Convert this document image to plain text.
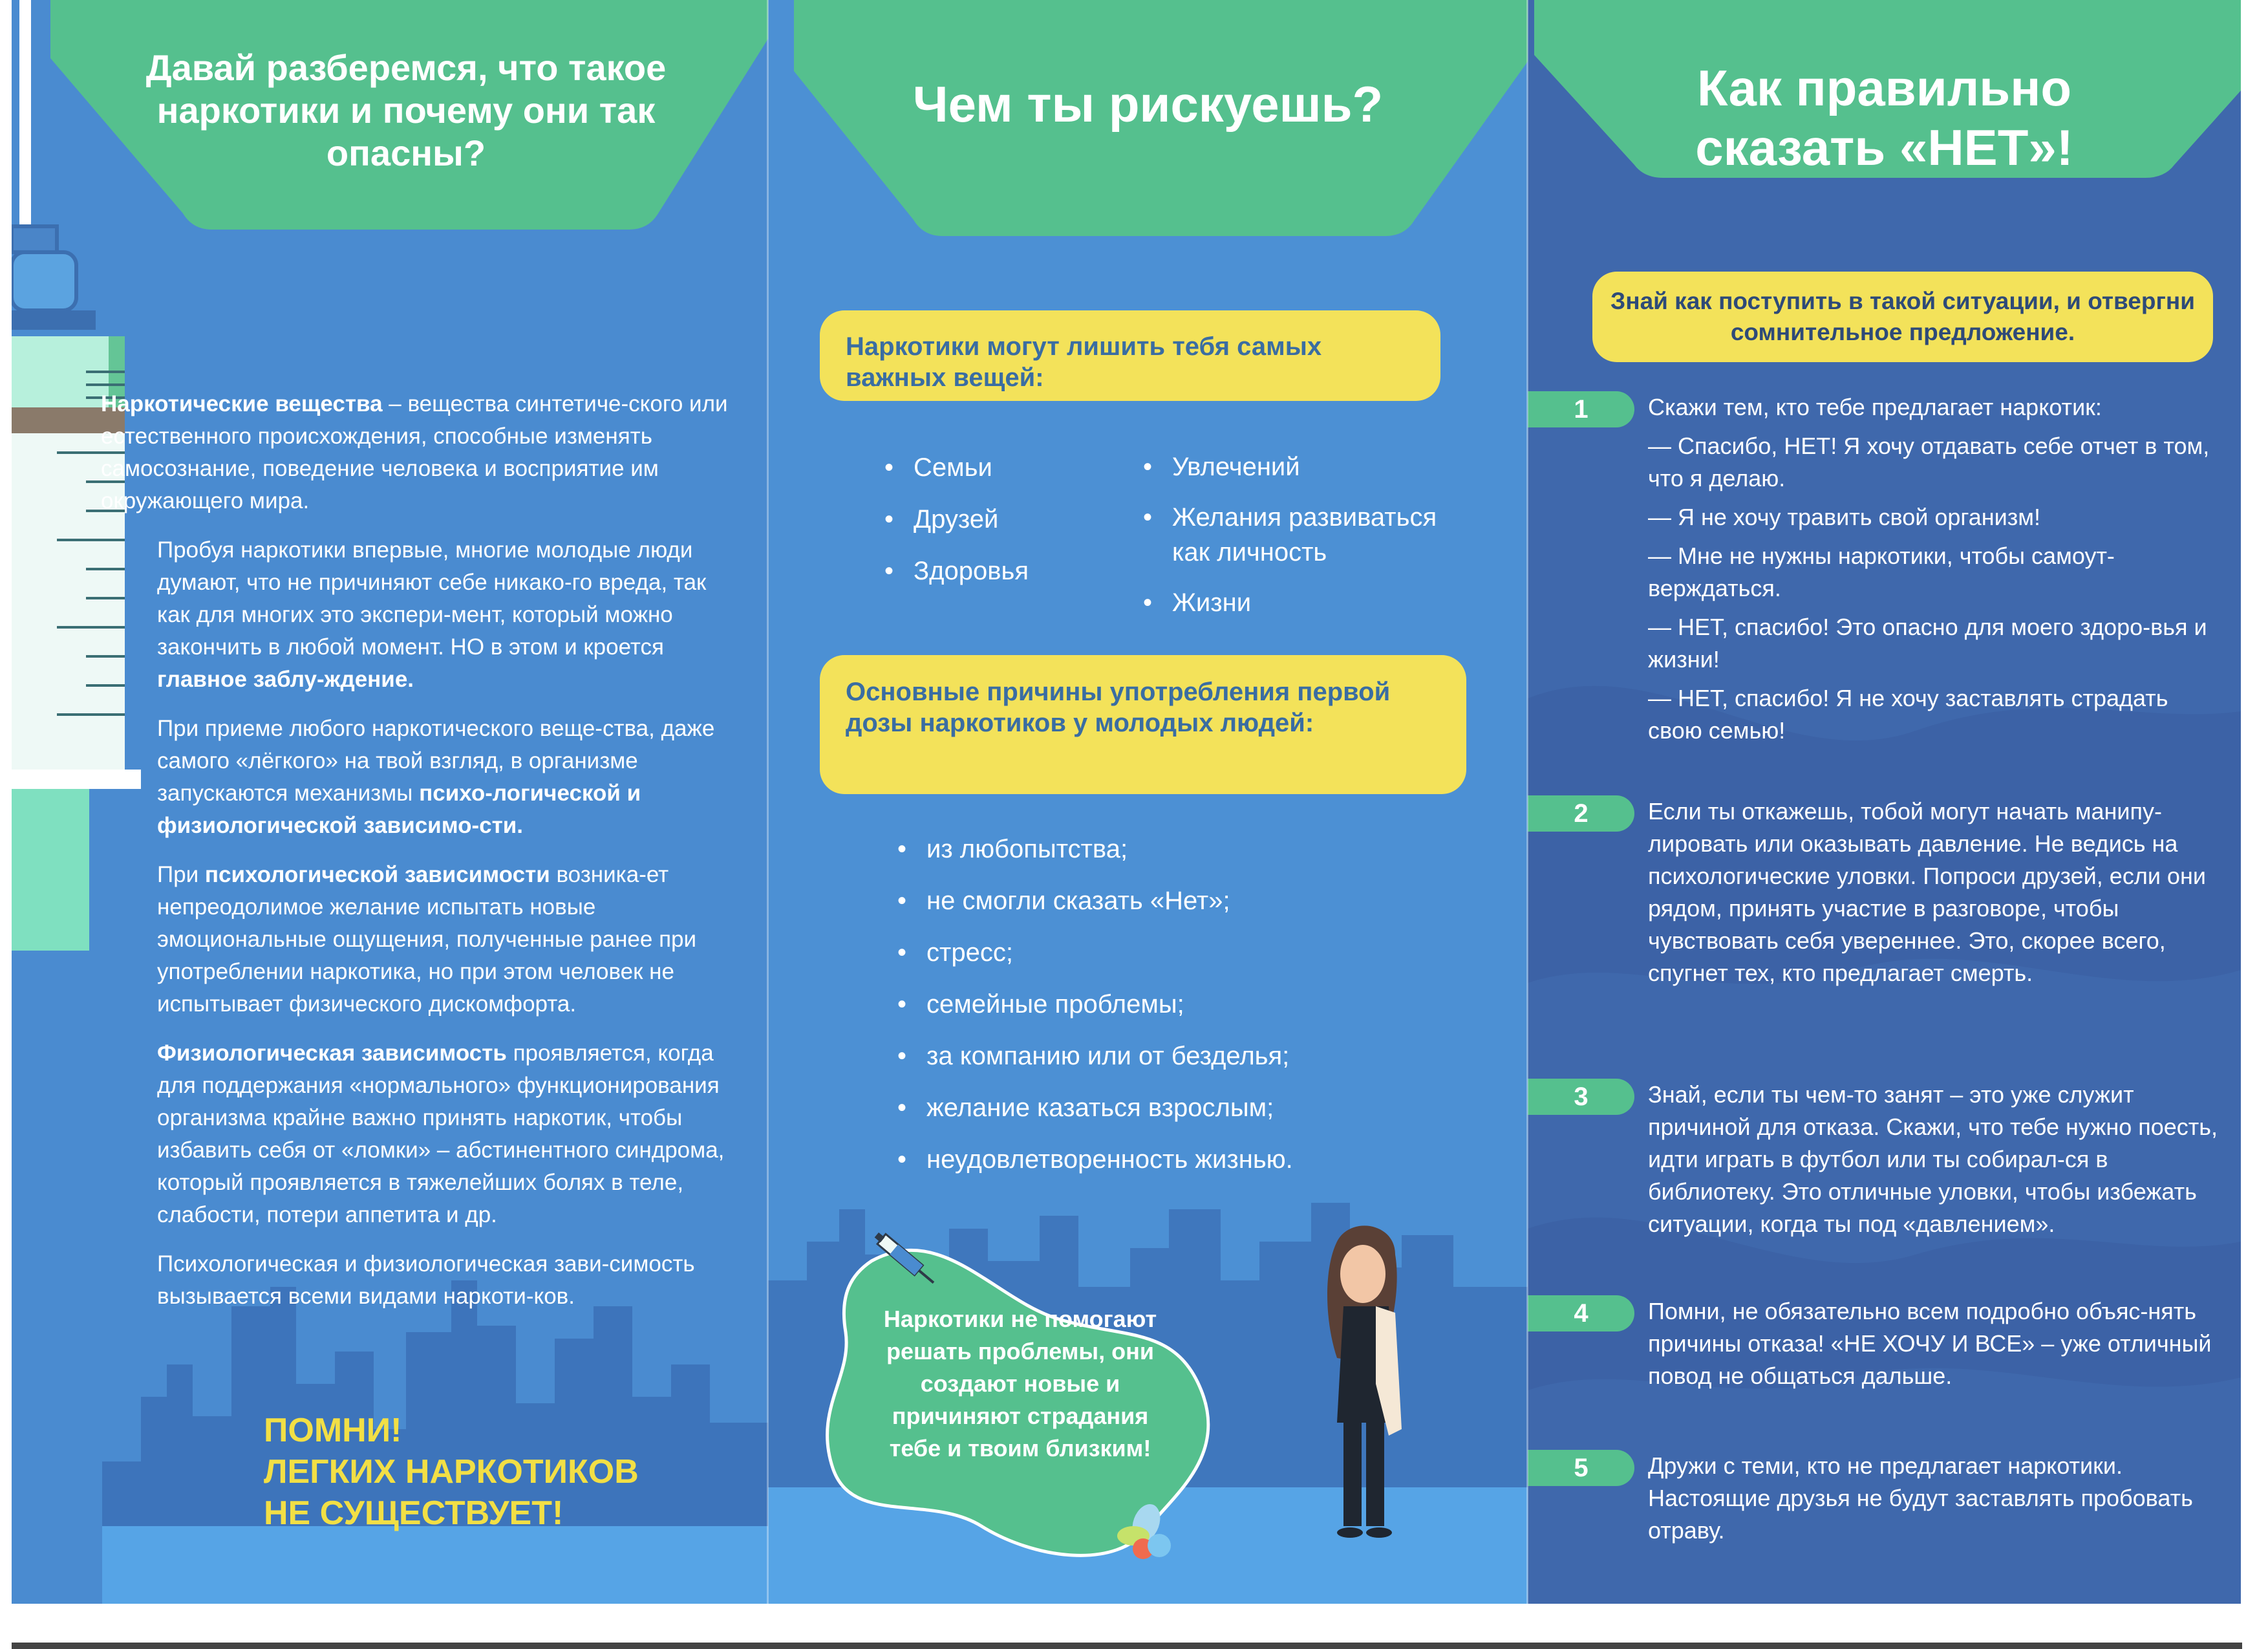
Давай разберемся, что такое наркотики и почему они так опасны?

Наркотические вещества – вещества синтетиче-ского или естественного происхождения, способные изменять самосознание, поведение человека и восприятие им окружающего мира.

Пробуя наркотики впервые, многие молодые люди думают, что не причиняют себе никако-го вреда, так как для многих это экспери-мент, который можно закончить в любой момент. НО в этом и кроется главное заблу-ждение.

При приеме любого наркотического веще-ства, даже самого «лёгкого» на твой взгляд, в организме запускаются механизмы психо-логической и физиологической зависимо-сти.

При психологической зависимости возника-ет непреодолимое желание испытать новые эмоциональные ощущения, полученные ранее при употреблении наркотика, но при этом человек не испытывает физического дискомфорта.

Физиологическая зависимость проявляется, когда для поддержания «нормального» функционирования организма крайне важно принять наркотик, чтобы избавить себя от «ломки» – абстинентного синдрома, который проявляется в тяжелейших болях в теле, слабости, потери аппетита и др.

Психологическая и физиологическая зави-симость вызывается всеми видами наркоти-ков.

ПОМНИ!
ЛЕГКИХ НАРКОТИКОВ
НЕ СУЩЕСТВУЕТ!
Чем ты рискуешь?
Наркотики могут лишить тебя самых важных вещей:
• Семьи
• Друзей
• Здоровья
• Увлечений
• Желания развиваться как личность
• Жизни
Основные причины употребления первой дозы наркотиков у молодых людей:
• из любопытства;
• не смогли сказать «Нет»;
• стресс;
• семейные проблемы;
• за компанию или от безделья;
• желание казаться взрослым;
• неудовлетворенность жизнью.
Наркотики не помогают решать проблемы, они создают новые и причиняют страдания тебе и твоим близким!
Как правильно
сказать «НЕТ»!
Знай как поступить в такой ситуации, и отвергни сомнительное предложение.
1	Скажи тем, кто тебе предлагает наркотик:

— Спасибо, НЕТ! Я хочу отдавать себе отчет в том, что я делаю.

— Я не хочу травить свой организм!

— Мне не нужны наркотики, чтобы самоут-верждаться.

— НЕТ, спасибо! Это опасно для моего здоро-вья и жизни!

— НЕТ, спасибо! Я не хочу заставлять страдать свою семью!

2	Если ты откажешь, тобой могут начать манипу-лировать или оказывать давление. Не ведись на психологические уловки. Попроси друзей, если они рядом, принять участие в разговоре, чтобы чувствовать себя увереннее. Это, скорее всего, спугнет тех, кто предлагает смерть.

3	Знай, если ты чем-то занят – это уже служит причиной для отказа. Скажи, что тебе нужно поесть, идти играть в футбол или ты собирал-ся в библиотеку. Это отличные уловки, чтобы избежать ситуации, когда ты под «давлением».

4	Помни, не обязательно всем подробно объяс-нять причины отказа! «НЕ ХОЧУ И ВСЕ» – уже отличный повод не общаться дальше.

5	Дружи с теми, кто не предлагает наркотики. Настоящие друзья не будут заставлять пробовать отраву.
